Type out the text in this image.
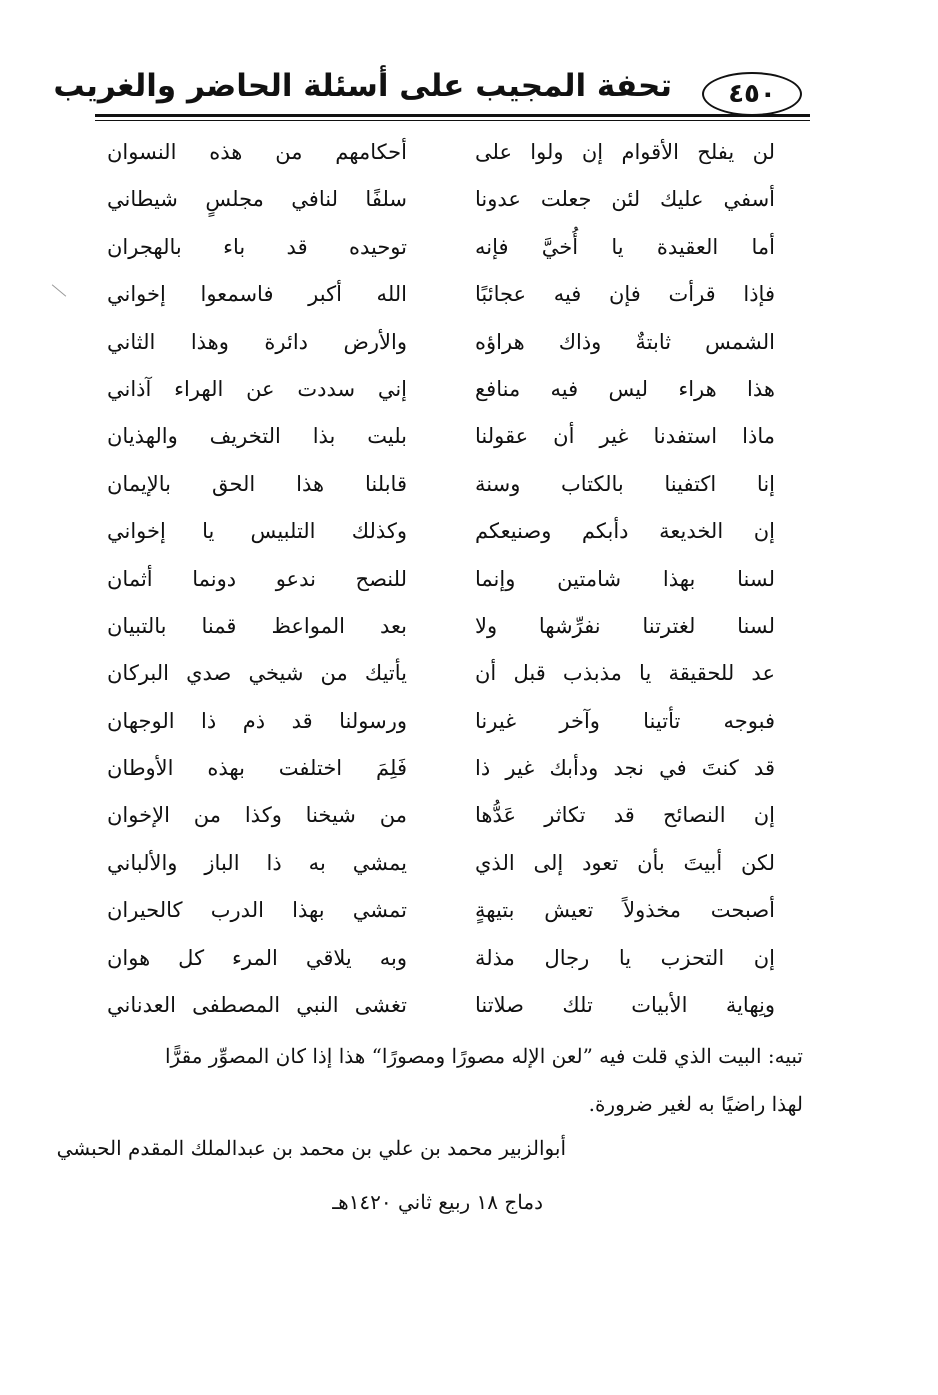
تحفة المجيب على أسئلة الحاضر والغريب	٤٥٠
لن يفلح الأقوام إن ولوا على
أحكامهم من هذه النسوان
أسفي عليك لئن جعلت عدونا
سلفًا لنافي مجلسٍ شيطاني
أما العقيدة يا أُخيَّ فإنه
توحيده قد باء بالهجران
فإذا قرأت فإن فيه عجائبًا
الله أكبر فاسمعوا إخواني
الشمس ثابتةٌ وذاك هراؤه
والأرض دائرة وهذا الثاني
هذا هراء ليس فيه منافع
إني سددت عن الهراء آذاني
ماذا استفدنا غير أن عقولنا
بليت بذا التخريف والهذيان
إنا اكتفينا بالكتاب وسنة
قابلنا هذا الحق بالإيمان
إن الخديعة دأبكم وصنيعكم
وكذلك التلبيس يا إخواني
لسنا بهذا شامتين وإنما
للنصح ندعو دونما أثمان
لسنا لغترتنا نفرِّشها ولا
بعد المواعظ قمنا بالتبيان
عد للحقيقة يا مذبذب قبل أن
يأتيك من شيخي صدي البركان
فبوجه تأتينا وآخر غيرنا
ورسولنا قد ذم ذا الوجهان
قد كنتَ في نجد ودأبك غير ذا
فَلِمَ اختلفت بهذه الأوطان
إن النصائح قد تكاثر عَدُّها
من شيخنا وكذا من الإخوان
لكن أبيتَ بأن تعود إلى الذي
يمشي به ذا الباز والألباني
أصبحت مخذولاً تعيش بتيهةٍ
تمشي بهذا الدرب كالحيران
إن التحزب يا رجال مذلة
وبه يلاقي المرء كل هوان
ونِهاية الأبيات تلك صلاتنا
تغشى النبي المصطفى العدناني
تبيه: البيت الذي قلت فيه ”لعن الإله مصورًا ومصورًا“ هذا إذا كان المصوِّر مقرًّا
لهذا راضيًا به لغير ضرورة.
أبوالزبير محمد بن علي بن محمد بن عبدالملك المقدم الحبشي
دماج ١٨ ربيع ثاني ١٤٢٠هـ
